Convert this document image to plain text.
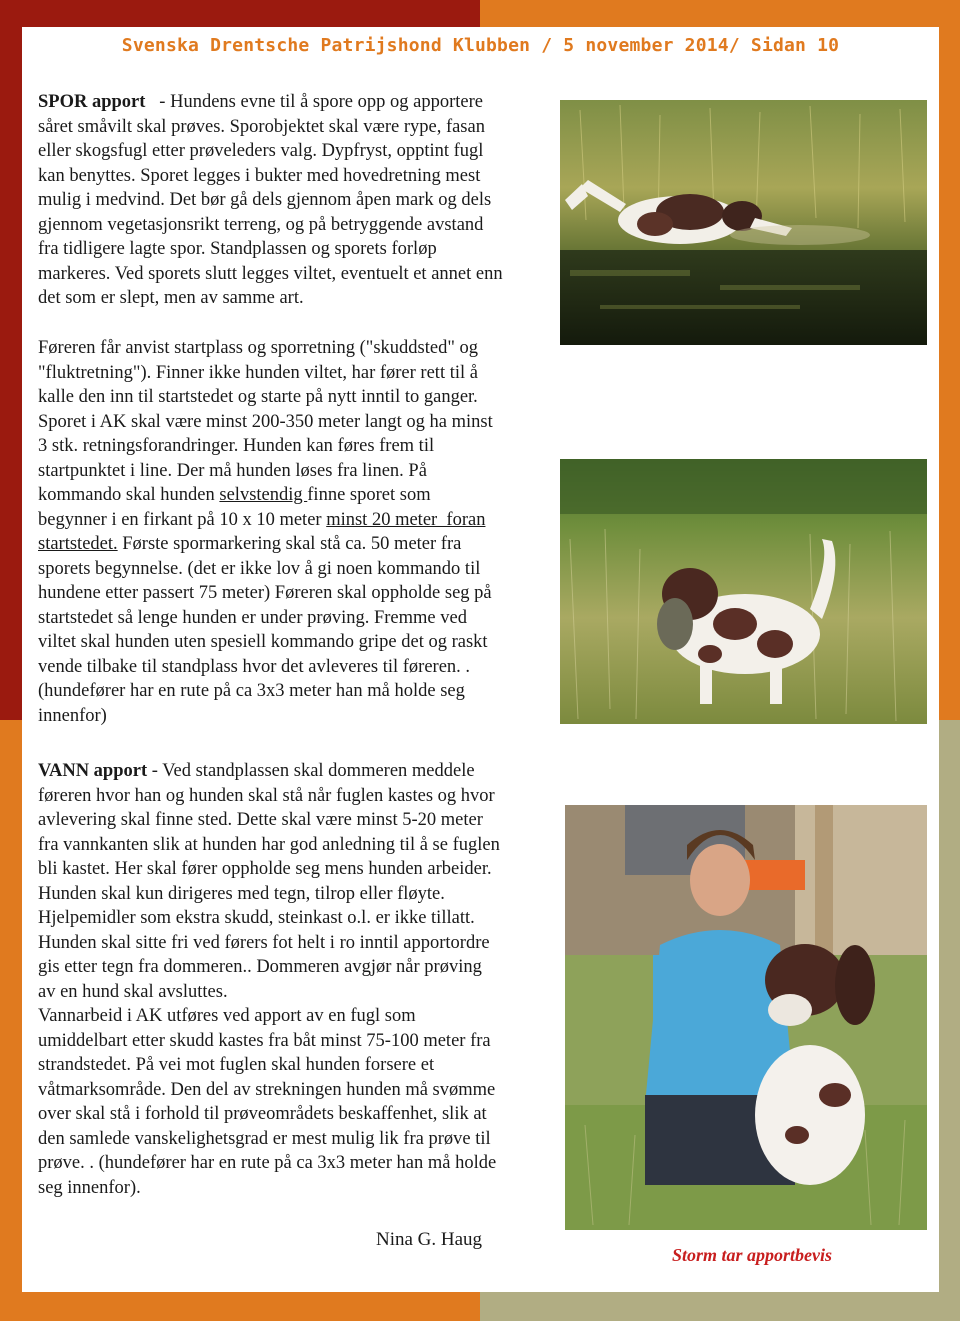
Svenska Drentsche Patrijshond Klubben / 5 november 2014/ Sidan 10

SPOR apport   - Hundens evne til å spore opp og apportere
såret småvilt skal prøves. Sporobjektet skal være rype, fasan
eller skogsfugl etter prøveleders valg. Dypfryst, opptint fugl
kan benyttes. Sporet legges i bukter med hovedretning mest
mulig i medvind. Det bør gå dels gjennom åpen mark og dels
gjennom vegetasjonsrikt terreng, og på betryggende avstand
fra tidligere lagte spor. Standplassen og sporets forløp
markeres. Ved sporets slutt legges viltet, eventuelt et annet enn
det som er slept, men av samme art.

Føreren får anvist startplass og sporretning ("skuddsted" og
"fluktretning"). Finner ikke hunden viltet, har fører rett til å
kalle den inn til startstedet og starte på nytt inntil to ganger.
Sporet i AK skal være minst 200-350 meter langt og ha minst
3 stk. retningsforandringer. Hunden kan føres frem til
startpunktet i line. Der må hunden løses fra linen. På
kommando skal hunden selvstendig finne sporet som
begynner i en firkant på 10 x 10 meter minst 20 meter  foran
startstedet. Første spormarkering skal stå ca. 50 meter fra
sporets begynnelse. (det er ikke lov å gi noen kommando til
hundene etter passert 75 meter) Føreren skal oppholde seg på
startstedet så lenge hunden er under prøving. Fremme ved
viltet skal hunden uten spesiell kommando gripe det og raskt
vende tilbake til standplass hvor det avleveres til føreren. .
(hundefører har en rute på ca 3x3 meter han må holde seg
innenfor)

VANN apport - Ved standplassen skal dommeren meddele
føreren hvor han og hunden skal stå når fuglen kastes og hvor
avlevering skal finne sted. Dette skal være minst 5-20 meter
fra vannkanten slik at hunden har god anledning til å se fuglen
bli kastet. Her skal fører oppholde seg mens hunden arbeider.
Hunden skal kun dirigeres med tegn, tilrop eller fløyte.
Hjelpemidler som ekstra skudd, steinkast o.l. er ikke tillatt.
Hunden skal sitte fri ved førers fot helt i ro inntil apportordre
gis etter tegn fra dommeren.. Dommeren avgjør når prøving
av en hund skal avsluttes.
Vannarbeid i AK utføres ved apport av en fugl som
umiddelbart etter skudd kastes fra båt minst 75-100 meter fra
strandstedet. På vei mot fuglen skal hunden forsere et
våtmarksområde. Den del av strekningen hunden må svømme
over skal stå i forhold til prøveområdets beskaffenhet, slik at
den samlede vanskelighetsgrad er mest mulig lik fra prøve til
prøve. . (hundefører har en rute på ca 3x3 meter han må holde
seg innenfor).

Nina G. Haug
Storm tar apportbevis
